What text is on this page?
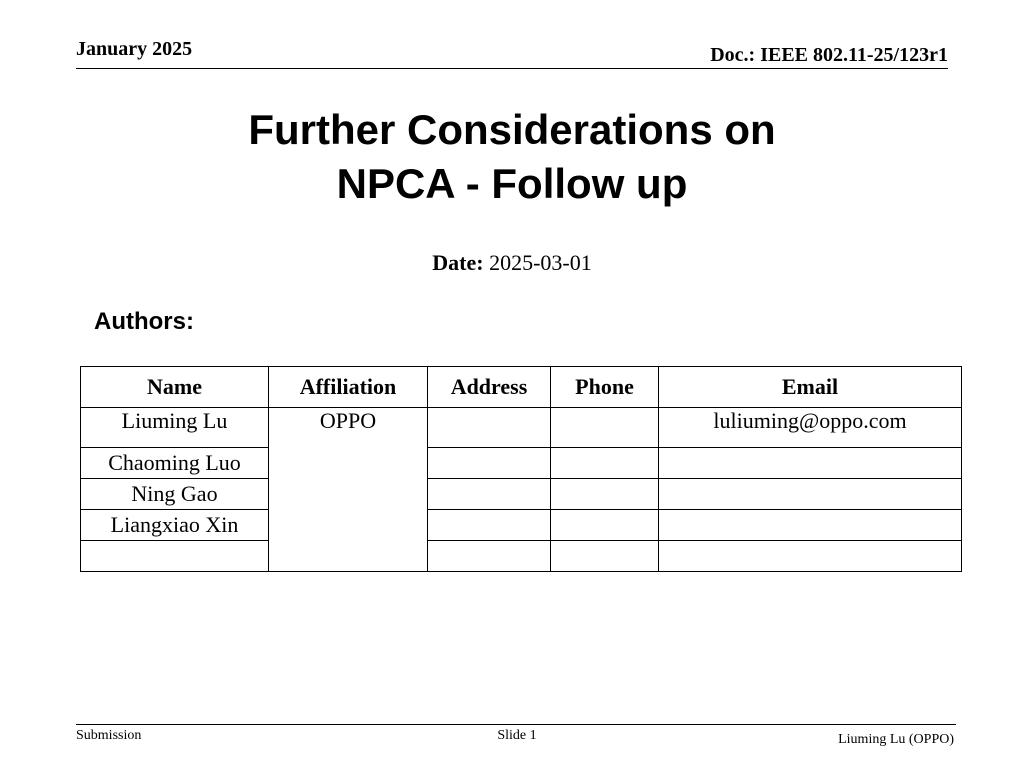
January 2025	Doc.: IEEE 802.11-25/123r1
Further Considerations on
NPCA - Follow up
Date: 2025-03-01
Authors:
Name	Affiliation	Address	Phone	Email
Liuming Lu	OPPO			luliuming@oppo.com
Chaoming Luo				
Ning Gao				
Liangxiao Xin				

Submission	Slide 1	Liuming Lu (OPPO)
